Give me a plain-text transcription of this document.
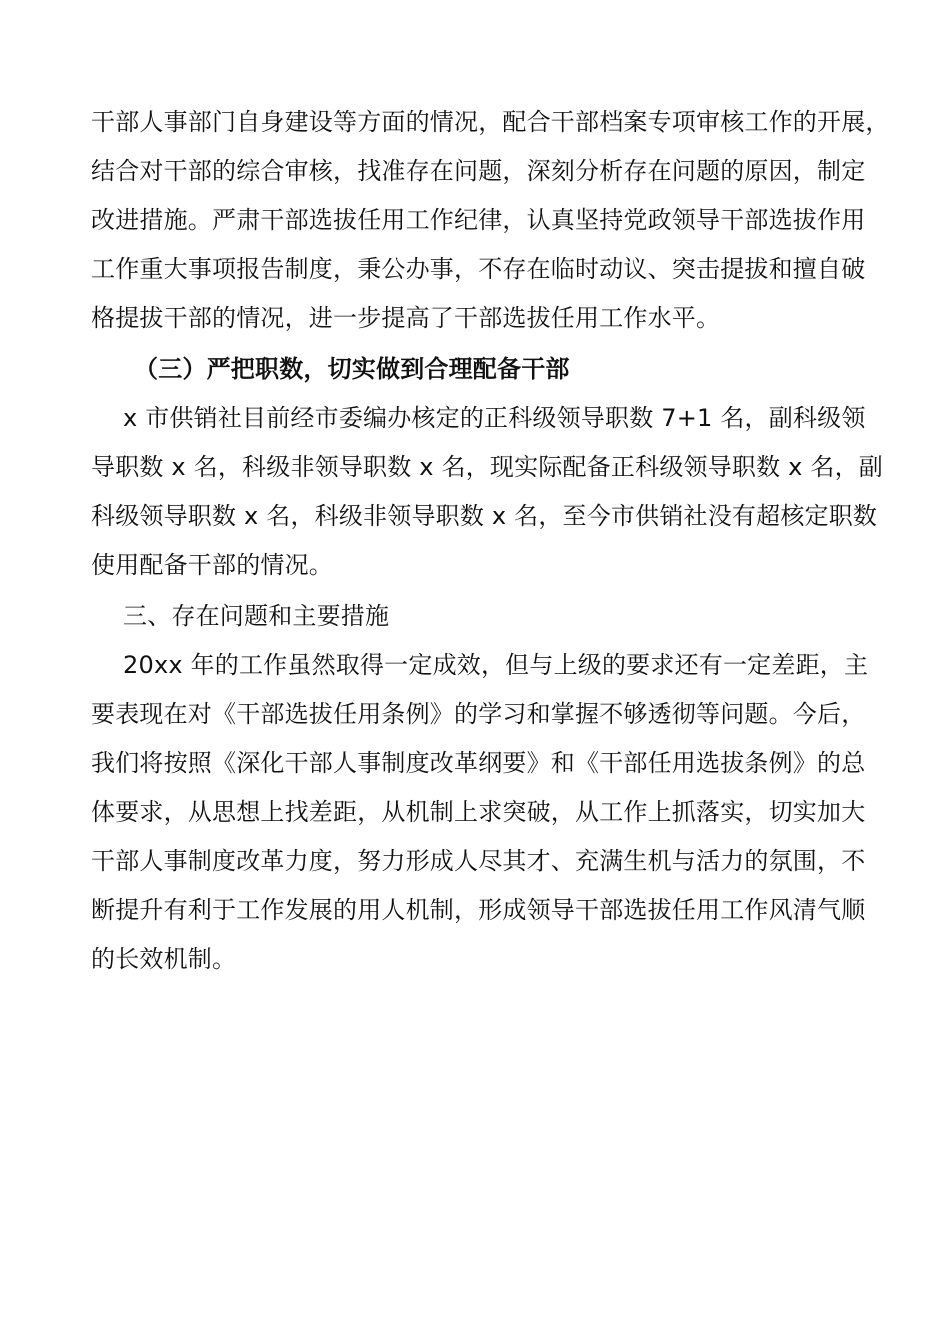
干部人事部门自身建设等方面的情况，配合干部档案专项审核工作的开展，
结合对干部的综合审核，找准存在问题，深刻分析存在问题的原因，制定
改进措施。严肃干部选拔任用工作纪律，认真坚持党政领导干部选拔作用
工作重大事项报告制度，秉公办事，不存在临时动议、突击提拔和擅自破
格提拔干部的情况，进一步提高了干部选拔任用工作水平。
（三）严把职数，切实做到合理配备干部
x 市供销社目前经市委编办核定的正科级领导职数 7+1 名，副科级领
导职数 x 名，科级非领导职数 x 名，现实际配备正科级领导职数 x 名，副
科级领导职数 x 名，科级非领导职数 x 名，至今市供销社没有超核定职数
使用配备干部的情况。
三、存在问题和主要措施
20xx 年的工作虽然取得一定成效，但与上级的要求还有一定差距，主
要表现在对《干部选拔任用条例》的学习和掌握不够透彻等问题。今后，
我们将按照《深化干部人事制度改革纲要》和《干部任用选拔条例》的总
体要求，从思想上找差距，从机制上求突破，从工作上抓落实，切实加大
干部人事制度改革力度，努力形成人尽其才、充满生机与活力的氛围，不
断提升有利于工作发展的用人机制，形成领导干部选拔任用工作风清气顺
的长效机制。
